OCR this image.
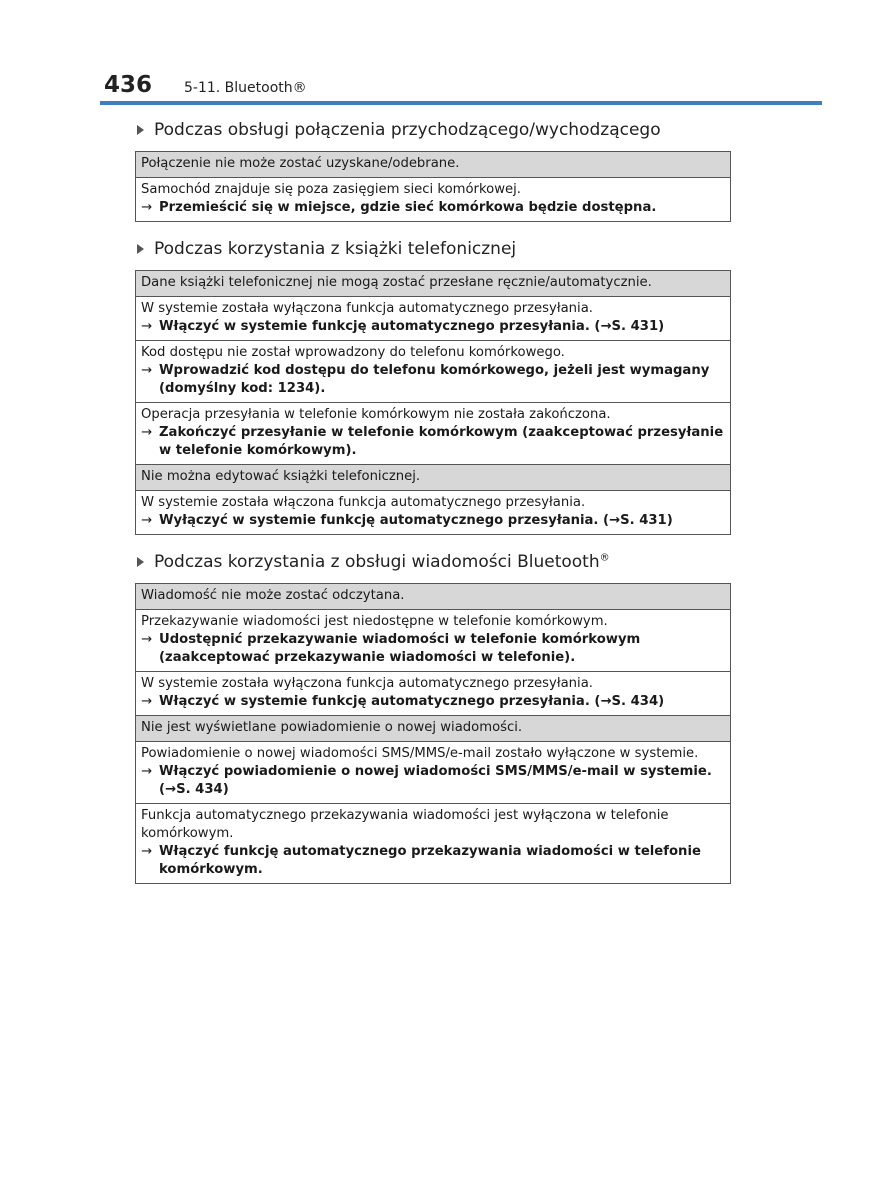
436 5-11. Bluetooth®
Podczas obsługi połączenia przychodzącego/wychodzącego
Połączenie nie może zostać uzyskane/odebrane.

Samochód znajduje się poza zasięgiem sieci komórkowej.
→ Przemieścić się w miejsce, gdzie sieć komórkowa będzie dostępna.
Podczas korzystania z książki telefonicznej
Dane książki telefonicznej nie mogą zostać przesłane ręcznie/automatycznie.

W systemie została wyłączona funkcja automatycznego przesyłania.
→ Włączyć w systemie funkcję automatycznego przesyłania. (→S. 431)

Kod dostępu nie został wprowadzony do telefonu komórkowego.
→ Wprowadzić kod dostępu do telefonu komórkowego, jeżeli jest wymagany (domyślny kod: 1234).

Operacja przesyłania w telefonie komórkowym nie została zakończona.
→ Zakończyć przesyłanie w telefonie komórkowym (zaakceptować przesyłanie w telefonie komórkowym).

Nie można edytować książki telefonicznej.

W systemie została włączona funkcja automatycznego przesyłania.
→ Wyłączyć w systemie funkcję automatycznego przesyłania. (→S. 431)
Podczas korzystania z obsługi wiadomości Bluetooth®
Wiadomość nie może zostać odczytana.

Przekazywanie wiadomości jest niedostępne w telefonie komórkowym.
→ Udostępnić przekazywanie wiadomości w telefonie komórkowym (zaakceptować przekazywanie wiadomości w telefonie).

W systemie została wyłączona funkcja automatycznego przesyłania.
→ Włączyć w systemie funkcję automatycznego przesyłania. (→S. 434)

Nie jest wyświetlane powiadomienie o nowej wiadomości.

Powiadomienie o nowej wiadomości SMS/MMS/e-mail zostało wyłączone w systemie.
→ Włączyć powiadomienie o nowej wiadomości SMS/MMS/e-mail w systemie. (→S. 434)

Funkcja automatycznego przekazywania wiadomości jest wyłączona w telefonie komórkowym.
→ Włączyć funkcję automatycznego przekazywania wiadomości w telefonie komórkowym.
